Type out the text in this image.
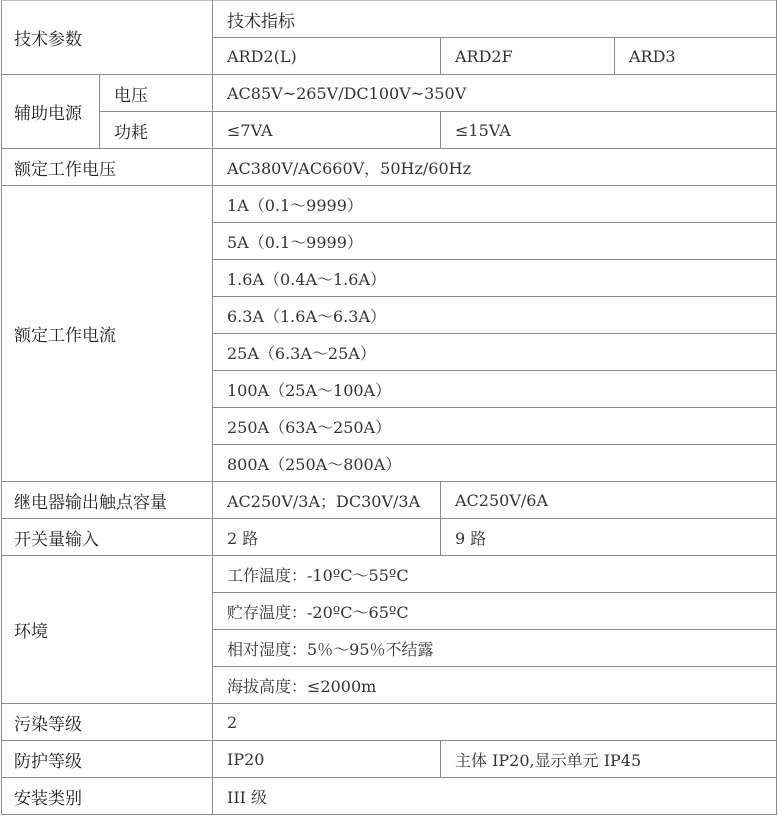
技术参数		技术指标		
		ARD2(L)	ARD2F	ARD3
辅助电源	电压	AC85V~265V/DC100V~350V		
	功耗	≤7VA	≤15VA	
额定工作电压		AC380V/AC660V，50Hz/60Hz		
额定工作电流		1A（0.1～9999）		
		5A（0.1～9999）		
		1.6A（0.4A～1.6A）		
		6.3A（1.6A～6.3A）		
		25A（6.3A～25A）		
		100A（25A～100A）		
		250A（63A～250A）		
		800A（250A～800A）		
继电器输出触点容量		AC250V/3A；DC30V/3A	AC250V/6A	
开关量输入		2 路	9 路	
环境		工作温度：-10ºC～55ºC		
		贮存温度：-20ºC～65ºC		
		相对湿度：5％～95％不结露		
		海拔高度：≤2000m		
污染等级		2		
防护等级		IP20	主体 IP20,显示单元 IP45	
安装类别		III 级		
